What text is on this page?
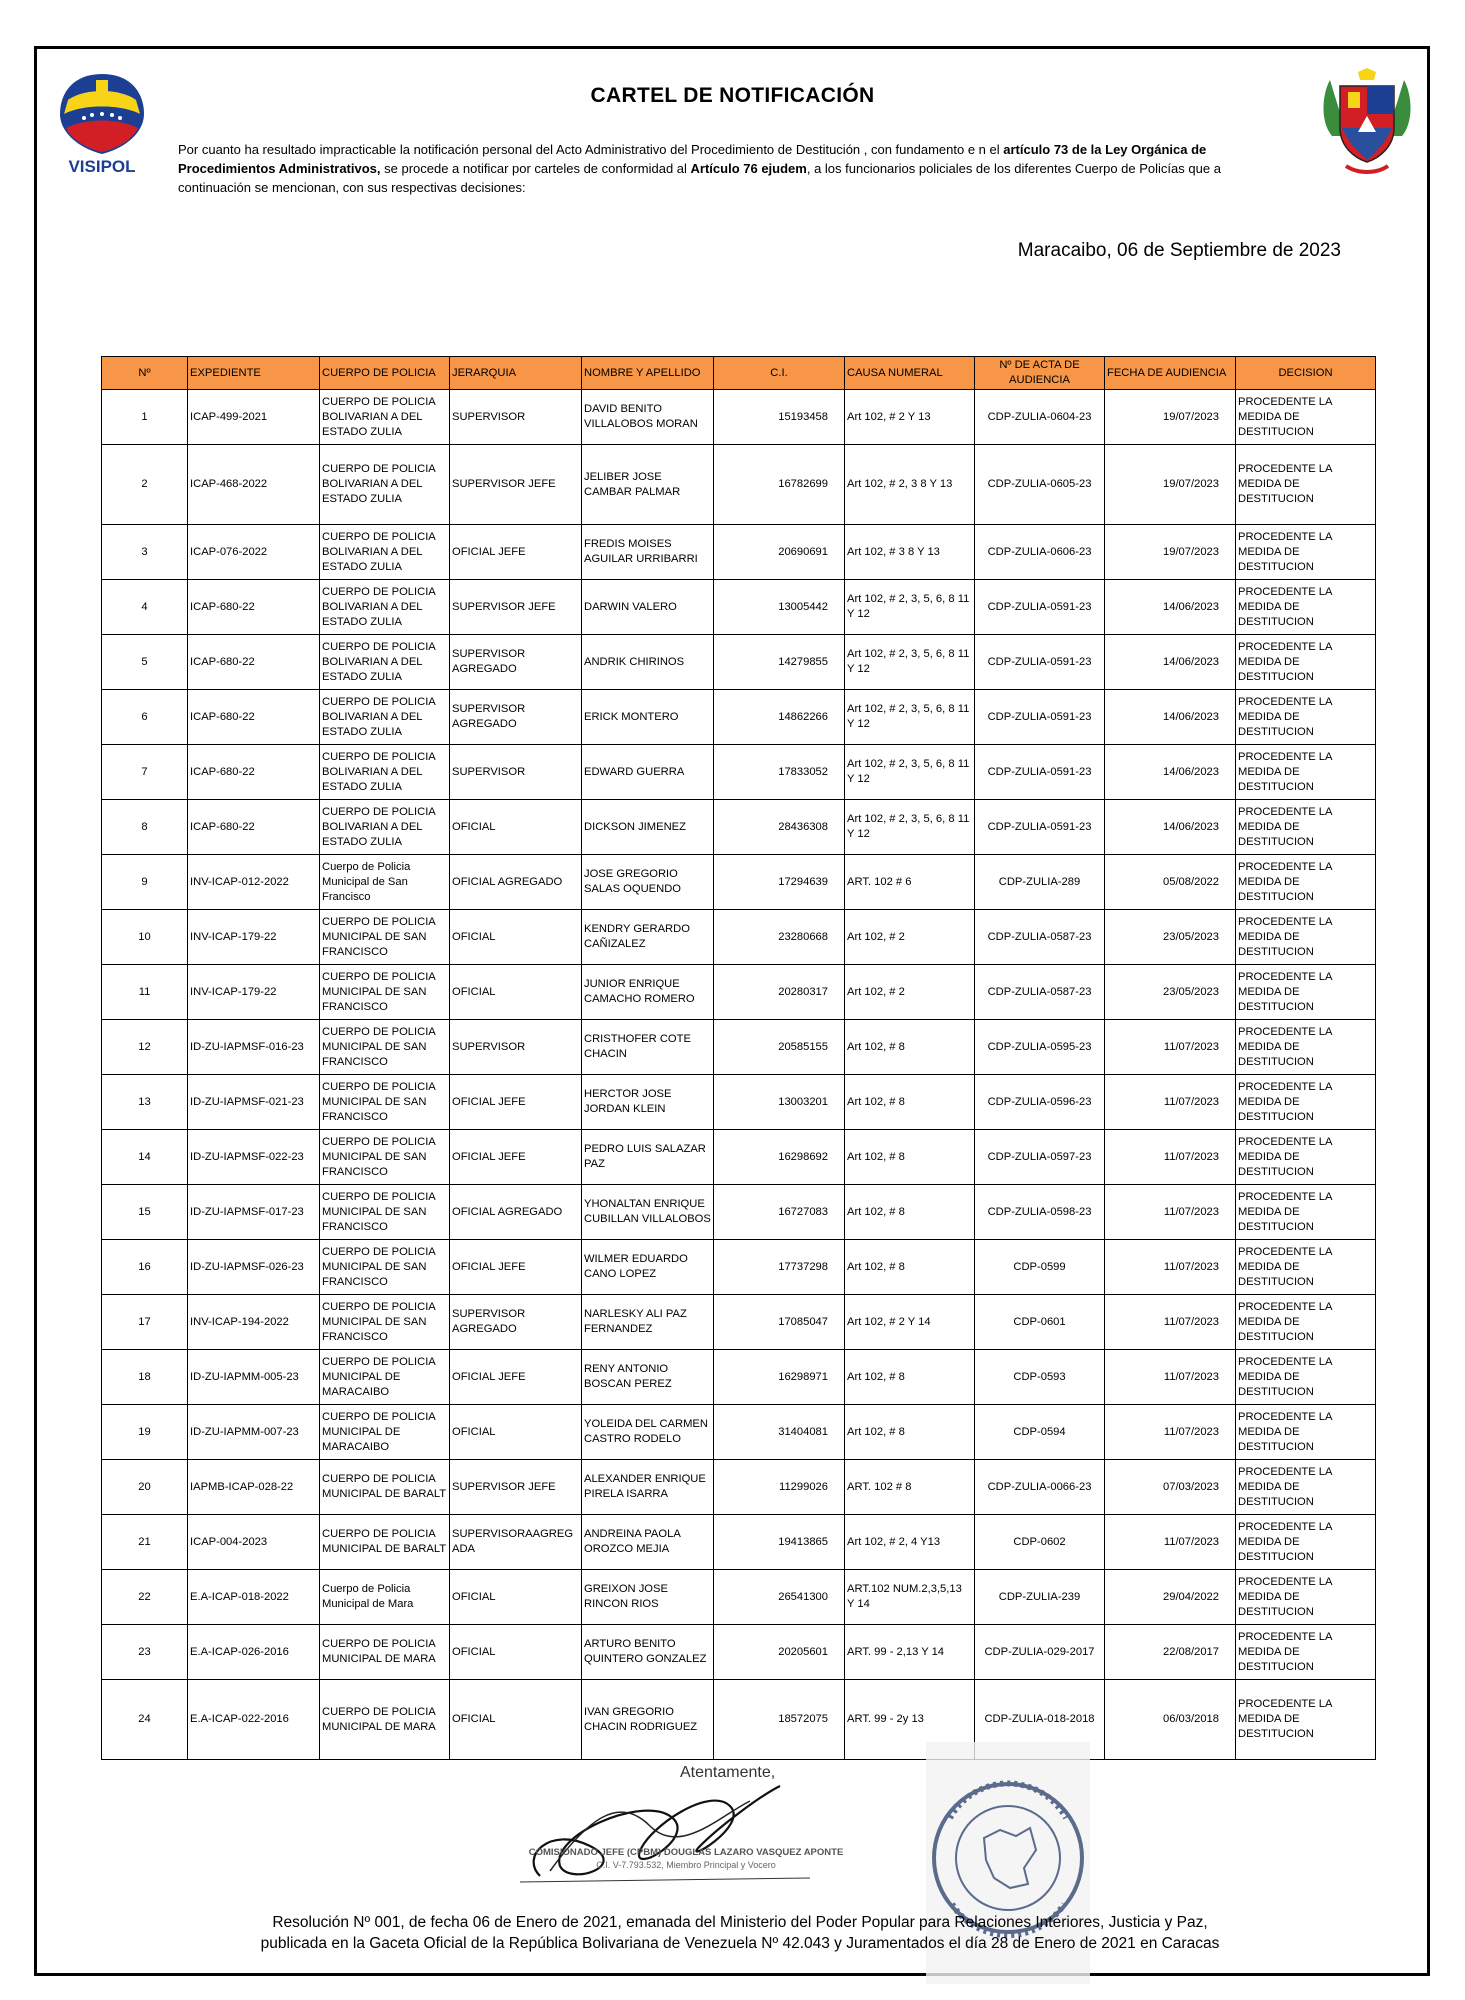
VISIPOL
CARTEL DE NOTIFICACIÓN
Por cuanto ha resultado impracticable la notificación personal del Acto Administrativo del Procedimiento de Destitución , con fundamento e n el artículo 73 de la Ley Orgánica de Procedimientos Administrativos, se procede a notificar por carteles de conformidad al Artículo 76 ejudem, a los funcionarios policiales de los diferentes Cuerpo de Policías que a continuación se mencionan, con sus respectivas decisiones:
Maracaibo, 06 de Septiembre de 2023
Nº	EXPEDIENTE	CUERPO DE POLICIA	JERARQUIA	NOMBRE Y APELLIDO	C.I.	CAUSA NUMERAL	Nº DE ACTA DE AUDIENCIA	FECHA DE AUDIENCIA	DECISION
1	ICAP-499-2021	CUERPO DE POLICIA BOLIVARIAN A DEL ESTADO ZULIA	SUPERVISOR	DAVID BENITO VILLALOBOS MORAN	15193458	Art 102, # 2 Y 13	CDP-ZULIA-0604-23	19/07/2023	PROCEDENTE LA MEDIDA DE DESTITUCION
2	ICAP-468-2022	CUERPO DE POLICIA BOLIVARIAN A DEL ESTADO ZULIA	SUPERVISOR JEFE	JELIBER JOSE CAMBAR PALMAR	16782699	Art 102, # 2, 3 8 Y 13	CDP-ZULIA-0605-23	19/07/2023	PROCEDENTE LA MEDIDA DE DESTITUCION
3	ICAP-076-2022	CUERPO DE POLICIA BOLIVARIAN A DEL ESTADO ZULIA	OFICIAL JEFE	FREDIS MOISES AGUILAR URRIBARRI	20690691	Art 102, # 3 8 Y 13	CDP-ZULIA-0606-23	19/07/2023	PROCEDENTE LA MEDIDA DE DESTITUCION
4	ICAP-680-22	CUERPO DE POLICIA BOLIVARIAN A DEL ESTADO ZULIA	SUPERVISOR JEFE	DARWIN VALERO	13005442	Art 102, # 2, 3, 5, 6, 8 11 Y 12	CDP-ZULIA-0591-23	14/06/2023	PROCEDENTE LA MEDIDA DE DESTITUCION
5	ICAP-680-22	CUERPO DE POLICIA BOLIVARIAN A DEL ESTADO ZULIA	SUPERVISOR AGREGADO	ANDRIK CHIRINOS	14279855	Art 102, # 2, 3, 5, 6, 8 11 Y 12	CDP-ZULIA-0591-23	14/06/2023	PROCEDENTE LA MEDIDA DE DESTITUCION
6	ICAP-680-22	CUERPO DE POLICIA BOLIVARIAN A DEL ESTADO ZULIA	SUPERVISOR AGREGADO	ERICK MONTERO	14862266	Art 102, # 2, 3, 5, 6, 8 11 Y 12	CDP-ZULIA-0591-23	14/06/2023	PROCEDENTE LA MEDIDA DE DESTITUCION
7	ICAP-680-22	CUERPO DE POLICIA BOLIVARIAN A DEL ESTADO ZULIA	SUPERVISOR	EDWARD GUERRA	17833052	Art 102, # 2, 3, 5, 6, 8 11 Y 12	CDP-ZULIA-0591-23	14/06/2023	PROCEDENTE LA MEDIDA DE DESTITUCION
8	ICAP-680-22	CUERPO DE POLICIA BOLIVARIAN A DEL ESTADO ZULIA	OFICIAL	DICKSON JIMENEZ	28436308	Art 102, # 2, 3, 5, 6, 8 11 Y 12	CDP-ZULIA-0591-23	14/06/2023	PROCEDENTE LA MEDIDA DE DESTITUCION
9	INV-ICAP-012-2022	Cuerpo de Policia Municipal de San Francisco	OFICIAL AGREGADO	JOSE GREGORIO SALAS OQUENDO	17294639	ART. 102 # 6	CDP-ZULIA-289	05/08/2022	PROCEDENTE LA MEDIDA DE DESTITUCION
10	INV-ICAP-179-22	CUERPO DE POLICIA MUNICIPAL DE SAN FRANCISCO	OFICIAL	KENDRY GERARDO CAÑIZALEZ	23280668	Art 102, # 2	CDP-ZULIA-0587-23	23/05/2023	PROCEDENTE LA MEDIDA DE DESTITUCION
11	INV-ICAP-179-22	CUERPO DE POLICIA MUNICIPAL DE SAN FRANCISCO	OFICIAL	JUNIOR ENRIQUE CAMACHO ROMERO	20280317	Art 102, # 2	CDP-ZULIA-0587-23	23/05/2023	PROCEDENTE LA MEDIDA DE DESTITUCION
12	ID-ZU-IAPMSF-016-23	CUERPO DE POLICIA MUNICIPAL DE SAN FRANCISCO	SUPERVISOR	CRISTHOFER COTE CHACIN	20585155	Art 102, # 8	CDP-ZULIA-0595-23	11/07/2023	PROCEDENTE LA MEDIDA DE DESTITUCION
13	ID-ZU-IAPMSF-021-23	CUERPO DE POLICIA MUNICIPAL DE SAN FRANCISCO	OFICIAL JEFE	HERCTOR JOSE JORDAN KLEIN	13003201	Art 102, # 8	CDP-ZULIA-0596-23	11/07/2023	PROCEDENTE LA MEDIDA DE DESTITUCION
14	ID-ZU-IAPMSF-022-23	CUERPO DE POLICIA MUNICIPAL DE SAN FRANCISCO	OFICIAL JEFE	PEDRO LUIS SALAZAR PAZ	16298692	Art 102, # 8	CDP-ZULIA-0597-23	11/07/2023	PROCEDENTE LA MEDIDA DE DESTITUCION
15	ID-ZU-IAPMSF-017-23	CUERPO DE POLICIA MUNICIPAL DE SAN FRANCISCO	OFICIAL AGREGADO	YHONALTAN ENRIQUE CUBILLAN VILLALOBOS	16727083	Art 102, # 8	CDP-ZULIA-0598-23	11/07/2023	PROCEDENTE LA MEDIDA DE DESTITUCION
16	ID-ZU-IAPMSF-026-23	CUERPO DE POLICIA MUNICIPAL DE SAN FRANCISCO	OFICIAL JEFE	WILMER EDUARDO CANO LOPEZ	17737298	Art 102, # 8	CDP-0599	11/07/2023	PROCEDENTE LA MEDIDA DE DESTITUCION
17	INV-ICAP-194-2022	CUERPO DE POLICIA MUNICIPAL DE SAN FRANCISCO	SUPERVISOR AGREGADO	NARLESKY ALI PAZ FERNANDEZ	17085047	Art 102, # 2 Y 14	CDP-0601	11/07/2023	PROCEDENTE LA MEDIDA DE DESTITUCION
18	ID-ZU-IAPMM-005-23	CUERPO DE POLICIA MUNICIPAL DE MARACAIBO	OFICIAL JEFE	RENY ANTONIO BOSCAN PEREZ	16298971	Art 102, # 8	CDP-0593	11/07/2023	PROCEDENTE LA MEDIDA DE DESTITUCION
19	ID-ZU-IAPMM-007-23	CUERPO DE POLICIA MUNICIPAL DE MARACAIBO	OFICIAL	YOLEIDA DEL CARMEN CASTRO RODELO	31404081	Art 102, # 8	CDP-0594	11/07/2023	PROCEDENTE LA MEDIDA DE DESTITUCION
20	IAPMB-ICAP-028-22	CUERPO DE POLICIA MUNICIPAL DE BARALT	SUPERVISOR JEFE	ALEXANDER ENRIQUE PIRELA ISARRA	11299026	ART. 102 # 8	CDP-ZULIA-0066-23	07/03/2023	PROCEDENTE LA MEDIDA DE DESTITUCION
21	ICAP-004-2023	CUERPO DE POLICIA MUNICIPAL DE BARALT	SUPERVISORAAGREGADA	ANDREINA PAOLA OROZCO MEJIA	19413865	Art 102, # 2, 4 Y13	CDP-0602	11/07/2023	PROCEDENTE LA MEDIDA DE DESTITUCION
22	E.A-ICAP-018-2022	Cuerpo de Policia Municipal de Mara	OFICIAL	GREIXON JOSE RINCON RIOS	26541300	ART.102 NUM.2,3,5,13 Y 14	CDP-ZULIA-239	29/04/2022	PROCEDENTE LA MEDIDA DE DESTITUCION
23	E.A-ICAP-026-2016	CUERPO DE POLICIA MUNICIPAL DE MARA	OFICIAL	ARTURO BENITO QUINTERO GONZALEZ	20205601	ART. 99 - 2,13 Y 14	CDP-ZULIA-029-2017	22/08/2017	PROCEDENTE LA MEDIDA DE DESTITUCION
24	E.A-ICAP-022-2016	CUERPO DE POLICIA MUNICIPAL DE MARA	OFICIAL	IVAN GREGORIO CHACIN RODRIGUEZ	18572075	ART. 99 - 2y 13	CDP-ZULIA-018-2018	06/03/2018	PROCEDENTE LA MEDIDA DE DESTITUCION
Atentamente,
COMISIONADO JEFE (CPBM) DOUGLAS LAZARO VASQUEZ APONTE
C.I. V-7.793.532, Miembro Principal y Vocero
Resolución Nº 001, de fecha 06 de Enero de 2021, emanada del Ministerio del Poder Popular para Relaciones Interiores, Justicia y Paz,
publicada en la Gaceta Oficial de la República Bolivariana de Venezuela Nº 42.043 y Juramentados el día 28 de Enero de 2021 en Caracas
